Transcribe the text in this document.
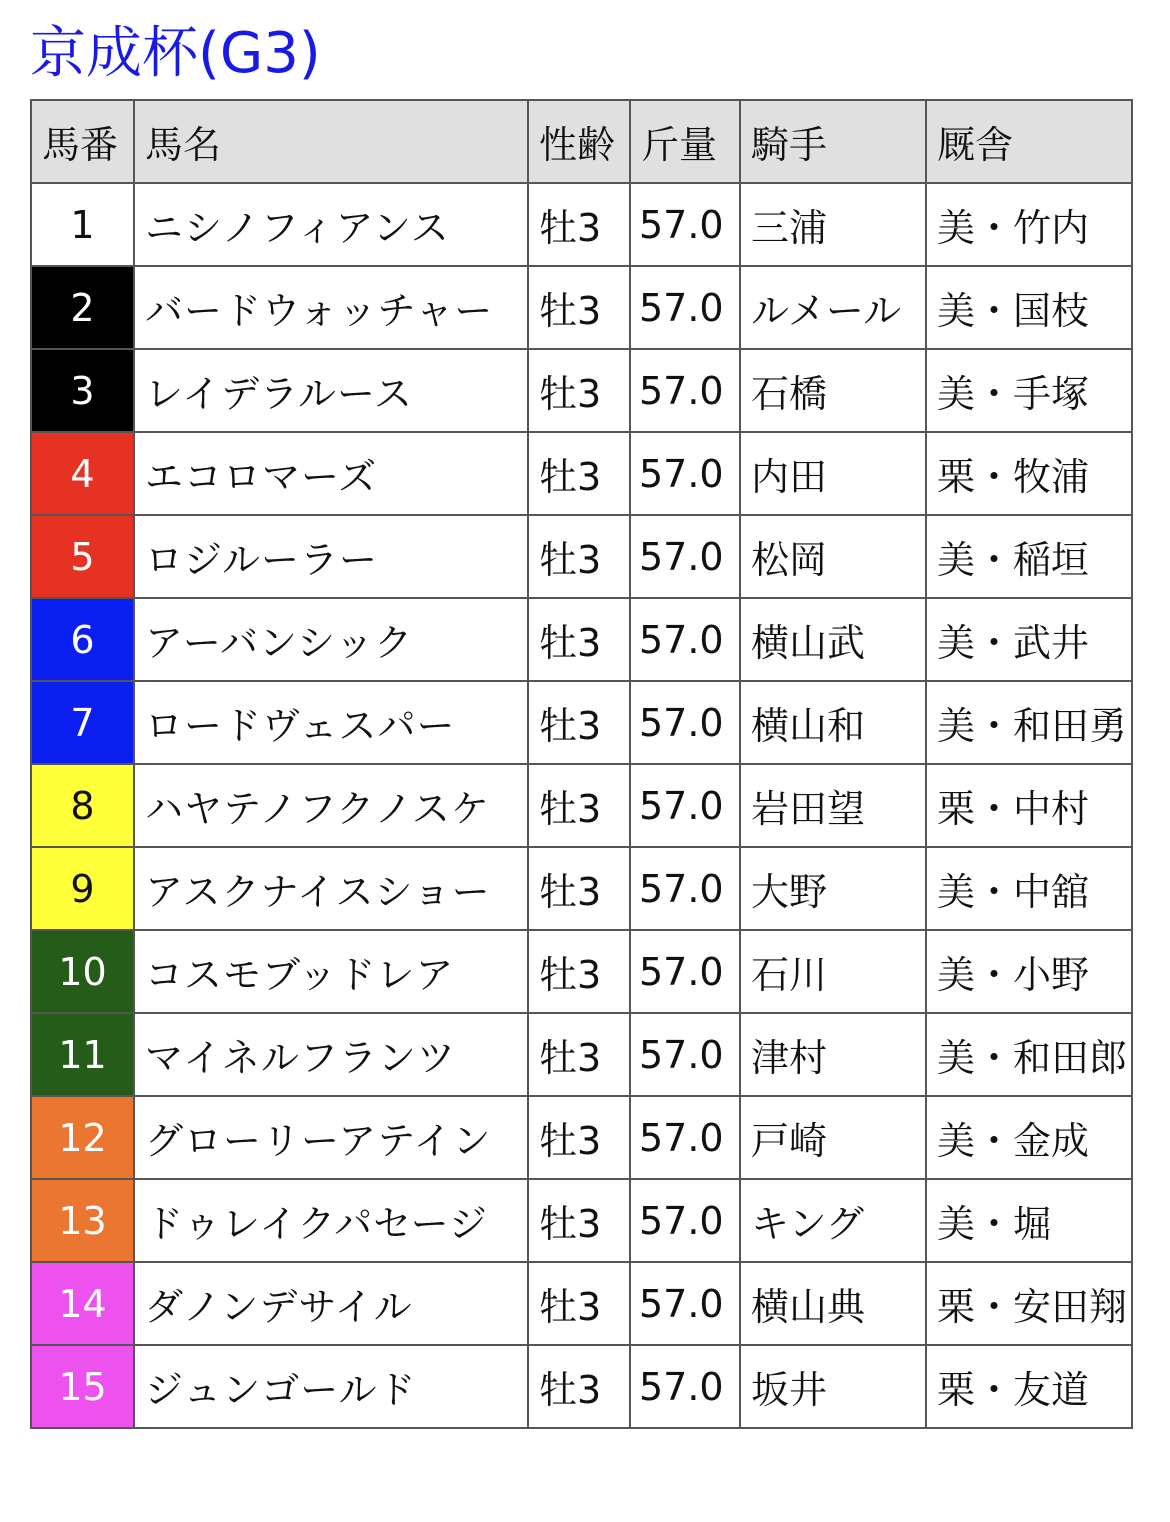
京成杯(G3)
馬番	馬名	性齢	斤量	騎手	厩舎
1	ニシノフィアンス	牡3	57.0	三浦	美・竹内
2	バードウォッチャー	牡3	57.0	ルメール	美・国枝
3	レイデラルース	牡3	57.0	石橋	美・手塚
4	エコロマーズ	牡3	57.0	内田	栗・牧浦
5	ロジルーラー	牡3	57.0	松岡	美・稲垣
6	アーバンシック	牡3	57.0	横山武	美・武井
7	ロードヴェスパー	牡3	57.0	横山和	美・和田勇
8	ハヤテノフクノスケ	牡3	57.0	岩田望	栗・中村
9	アスクナイスショー	牡3	57.0	大野	美・中舘
10	コスモブッドレア	牡3	57.0	石川	美・小野
11	マイネルフランツ	牡3	57.0	津村	美・和田郎
12	グローリーアテイン	牡3	57.0	戸崎	美・金成
13	ドゥレイクパセージ	牡3	57.0	キング	美・堀
14	ダノンデサイル	牡3	57.0	横山典	栗・安田翔
15	ジュンゴールド	牡3	57.0	坂井	栗・友道
